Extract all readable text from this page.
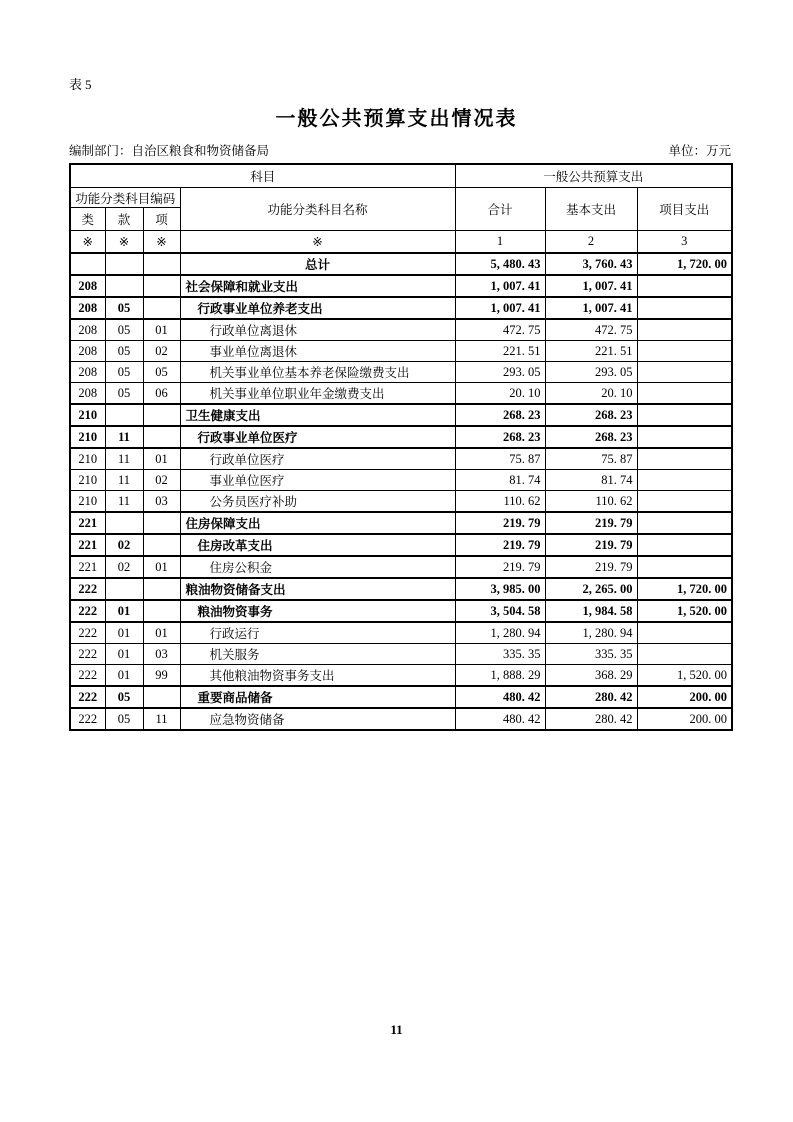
表5
一般公共预算支出情况表
编制部门：自治区粮食和物资储备局	单位：万元
科目				一般公共预算支出		
功能分类科目编码			功能分类科目名称	合计	基本支出	项目支出
类	款	项				
※	※	※	※	1	2	3
			总计	5, 480. 43	3, 760. 43	1, 720. 00
208			社会保障和就业支出	1, 007. 41	1, 007. 41	
208	05		行政事业单位养老支出	1, 007. 41	1, 007. 41	
208	05	01	行政单位离退休	472. 75	472. 75	
208	05	02	事业单位离退休	221. 51	221. 51	
208	05	05	机关事业单位基本养老保险缴费支出	293. 05	293. 05	
208	05	06	机关事业单位职业年金缴费支出	20. 10	20. 10	
210			卫生健康支出	268. 23	268. 23	
210	11		行政事业单位医疗	268. 23	268. 23	
210	11	01	行政单位医疗	75. 87	75. 87	
210	11	02	事业单位医疗	81. 74	81. 74	
210	11	03	公务员医疗补助	110. 62	110. 62	
221			住房保障支出	219. 79	219. 79	
221	02		住房改革支出	219. 79	219. 79	
221	02	01	住房公积金	219. 79	219. 79	
222			粮油物资储备支出	3, 985. 00	2, 265. 00	1, 720. 00
222	01		粮油物资事务	3, 504. 58	1, 984. 58	1, 520. 00
222	01	01	行政运行	1, 280. 94	1, 280. 94	
222	01	03	机关服务	335. 35	335. 35	
222	01	99	其他粮油物资事务支出	1, 888. 29	368. 29	1, 520. 00
222	05		重要商品储备	480. 42	280. 42	200. 00
222	05	11	应急物资储备	480. 42	280. 42	200. 00
11
